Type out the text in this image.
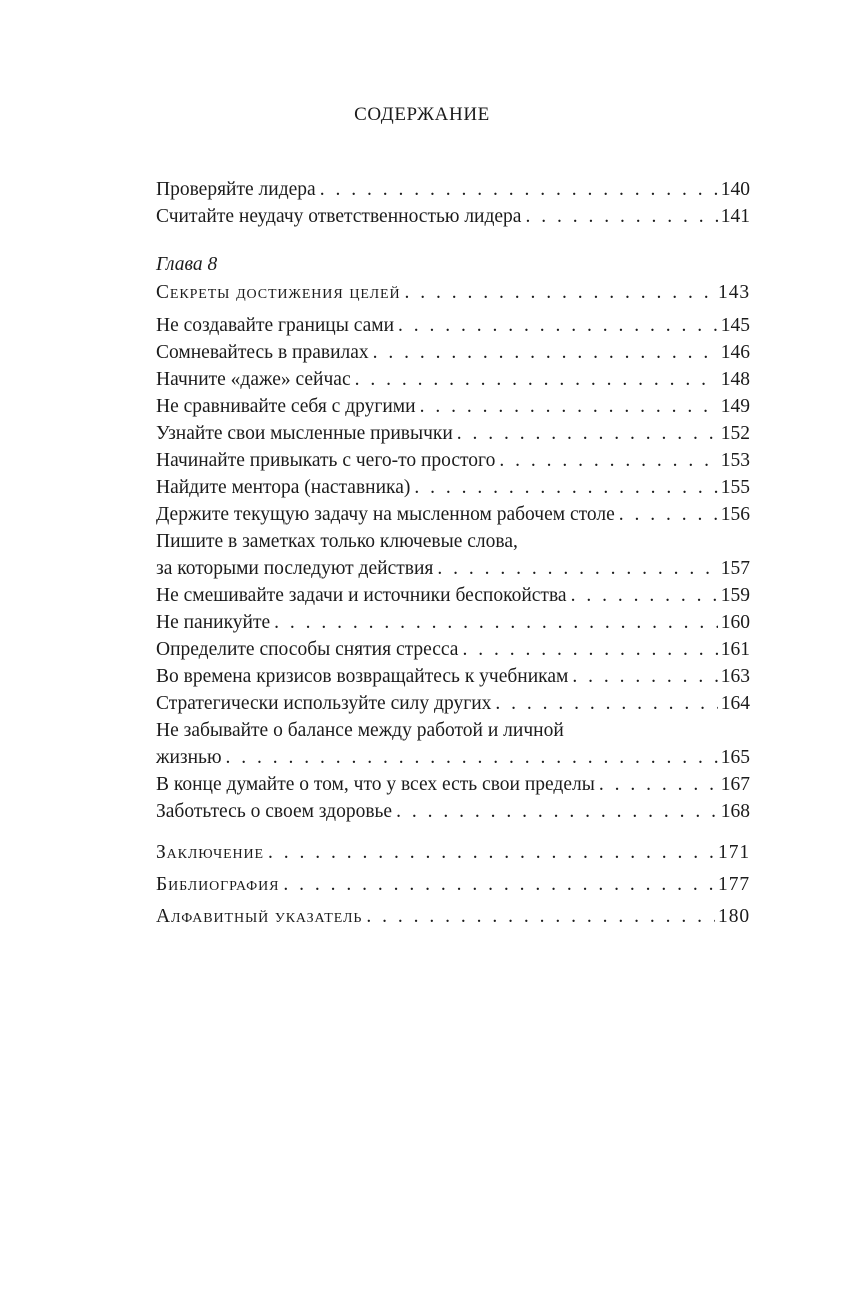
СОДЕРЖАНИЕ
Проверяйте лидера . . .	140
Считайте неудачу ответственностью лидера . . .	141
Глава 8
Секреты достижения целей . . .	143
Не создавайте границы сами . . .	145
Сомневайтесь в правилах . . .	146
Начните «даже» сейчас . . .	148
Не сравнивайте себя с другими . . .	149
Узнайте свои мысленные привычки . . .	152
Начинайте привыкать с чего-то простого . . .	153
Найдите ментора (наставника) . . .	155
Держите текущую задачу на мысленном рабочем столе . . .	156
Пишите в заметках только ключевые слова,
за которыми последуют действия . . .	157
Не смешивайте задачи и источники беспокойства . . .	159
Не паникуйте . . .	160
Определите способы снятия стресса . . .	161
Во времена кризисов возвращайтесь к учебникам . . .	163
Стратегически используйте силу других . . .	164
Не забывайте о балансе между работой и личной
жизнью . . .	165
В конце думайте о том, что у всех есть свои пределы . . .	167
Заботьтесь о своем здоровье . . .	168
Заключение . . .	171
Библиография . . .	177
Алфавитный указатель . . .	180
